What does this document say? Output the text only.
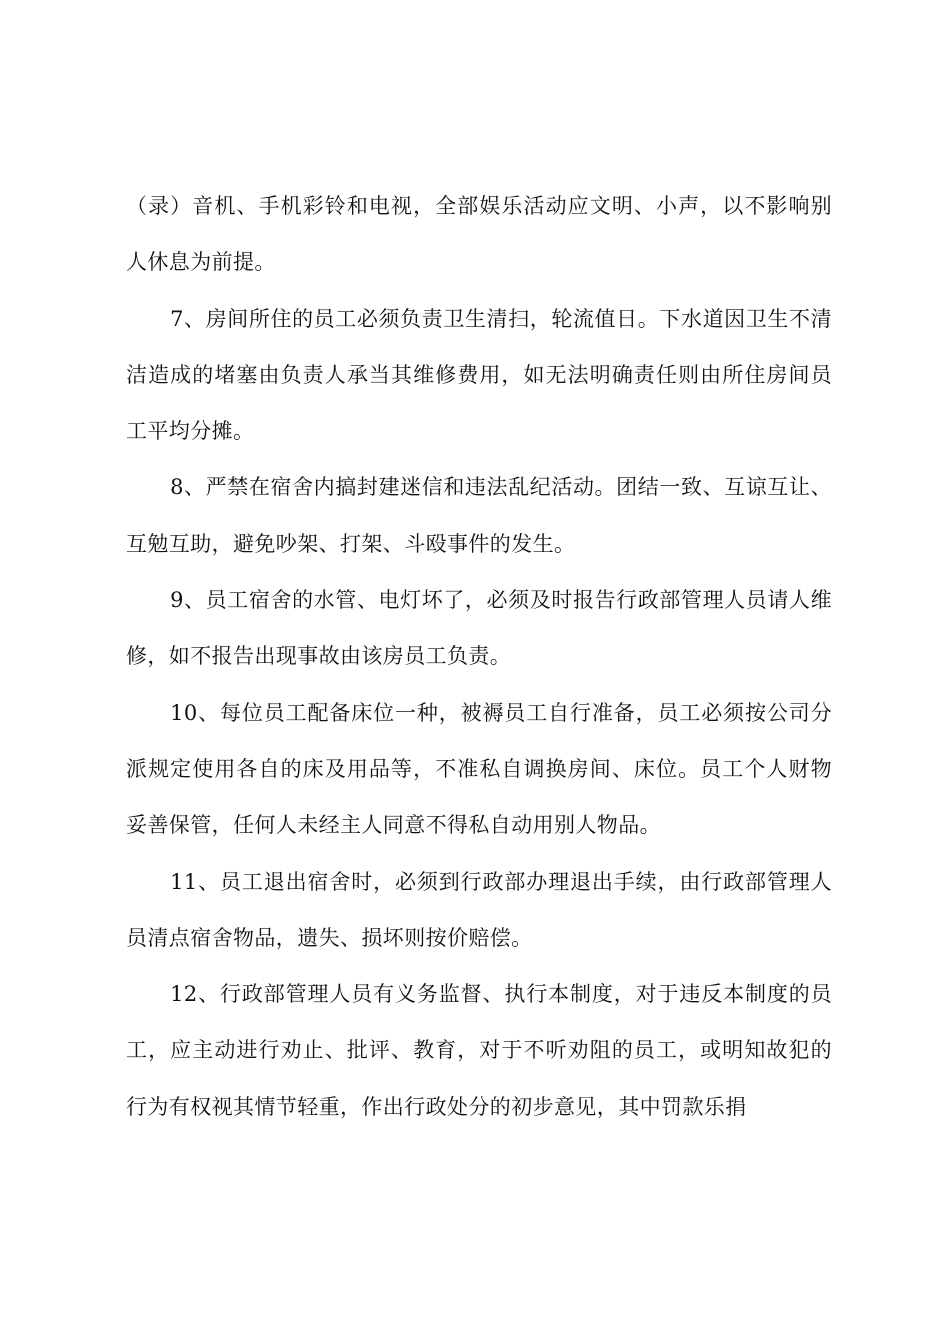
（录）音机、手机彩铃和电视，全部娱乐活动应文明、小声，以不影响别人休息为前提。

7、房间所住的员工必须负责卫生清扫，轮流值日。下水道因卫生不清洁造成的堵塞由负责人承当其维修费用，如无法明确责任则由所住房间员工平均分摊。

8、严禁在宿舍内搞封建迷信和违法乱纪活动。团结一致、互谅互让、互勉互助，避免吵架、打架、斗殴事件的发生。

9、员工宿舍的水管、电灯坏了，必须及时报告行政部管理人员请人维修，如不报告出现事故由该房员工负责。

10、每位员工配备床位一种，被褥员工自行准备，员工必须按公司分派规定使用各自的床及用品等，不准私自调换房间、床位。员工个人财物妥善保管，任何人未经主人同意不得私自动用别人物品。

11、员工退出宿舍时，必须到行政部办理退出手续，由行政部管理人员清点宿舍物品，遗失、损坏则按价赔偿。

12、行政部管理人员有义务监督、执行本制度，对于违反本制度的员工，应主动进行劝止、批评、教育，对于不听劝阻的员工，或明知故犯的行为有权视其情节轻重，作出行政处分的初步意见，其中罚款乐捐
